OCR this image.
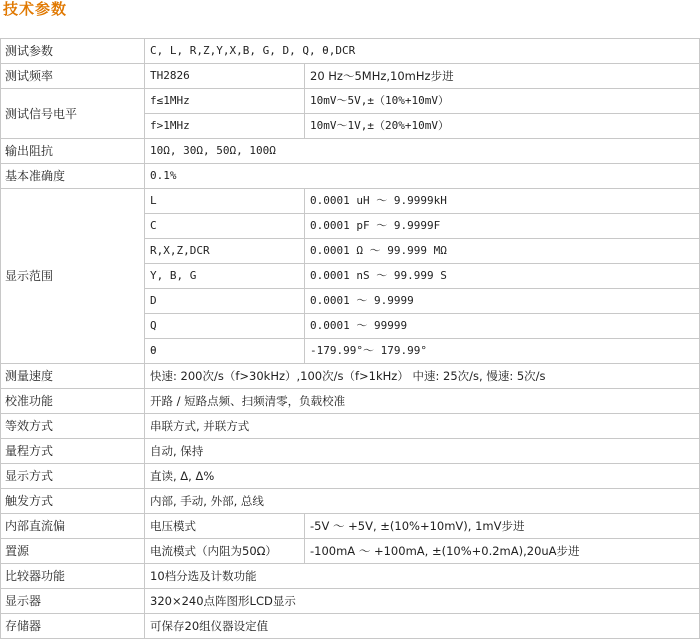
技术参数
测试参数	C, L, R,Z,Y,X,B, G, D, Q, θ,DCR	
测试频率	TH2826	20 Hz～5MHz,10mHz步进
测试信号电平	f≤1MHz	10mV～5V,±（10%+10mV）
	f>1MHz	10mV～1V,±（20%+10mV）
输出阻抗	10Ω, 30Ω, 50Ω, 100Ω	
基本准确度	0.1%	
显示范围	L	0.0001 uH ～ 9.9999kH
	C	0.0001 pF ～ 9.9999F
	R,X,Z,DCR	0.0001 Ω ～ 99.999 MΩ
	Y, B, G	0.0001 nS ～ 99.999 S
	D	0.0001 ～ 9.9999
	Q	0.0001 ～ 99999
	θ	-179.99°～ 179.99°
测量速度	快速: 200次/s（f>30kHz）,100次/s（f>1kHz） 中速: 25次/s, 慢速: 5次/s	
校准功能	开路 / 短路点频、扫频清零，负载校准	
等效方式	串联方式, 并联方式	
量程方式	自动, 保持	
显示方式	直读, Δ, Δ%	
触发方式	内部, 手动, 外部, 总线	
内部直流偏	电压模式	-5V ～ +5V, ±(10%+10mV), 1mV步进
置源	电流模式（内阻为50Ω）	-100mA ～ +100mA, ±(10%+0.2mA),20uA步进
比较器功能	10档分选及计数功能	
显示器	320×240点阵图形LCD显示	
存储器	可保存20组仪器设定值	
